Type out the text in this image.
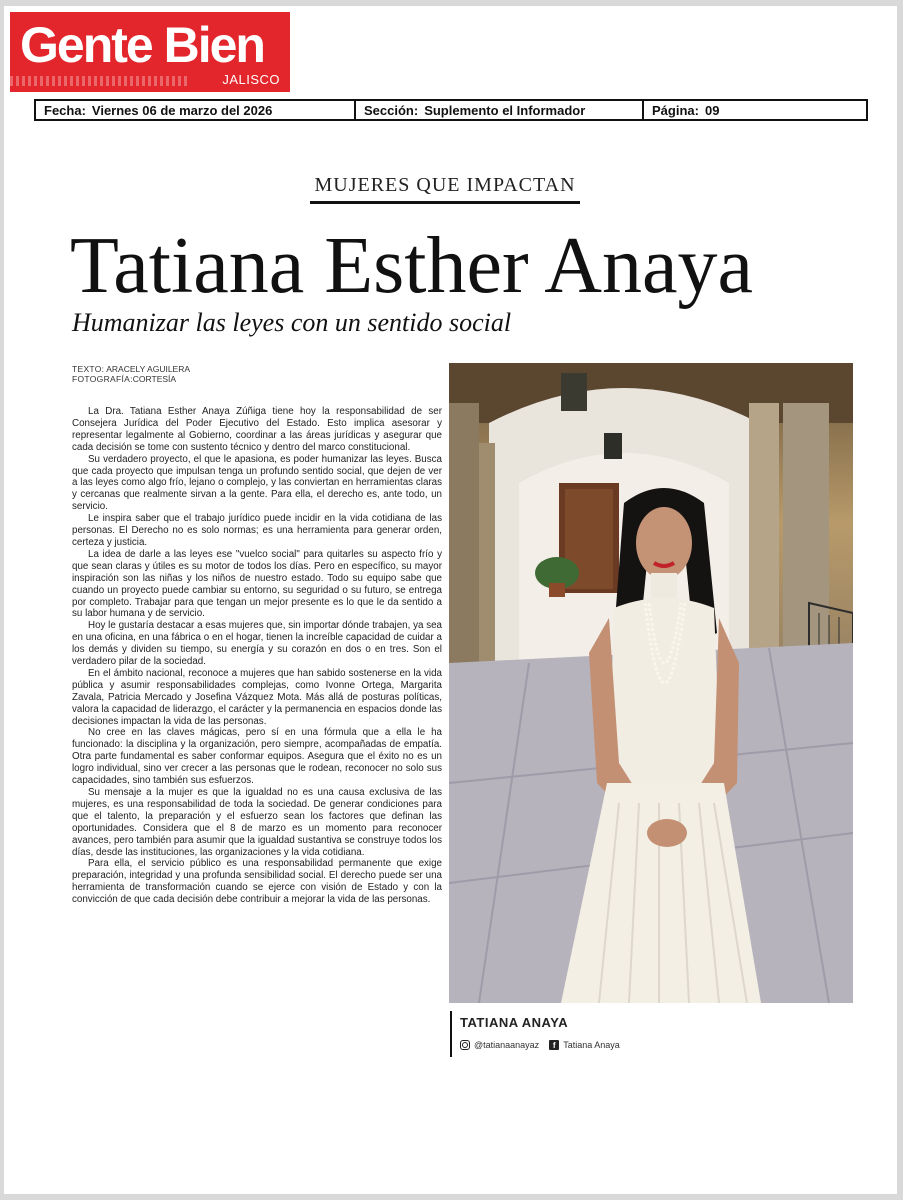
Gente Bien
JALISCO
Fecha: Viernes 06 de marzo del 2026	Sección: Suplemento el Informador	Página: 09
MUJERES QUE IMPACTAN
Tatiana Esther Anaya
Humanizar las leyes con un sentido social
TEXTO: ARACELY AGUILERA
FOTOGRAFÍA:CORTESÍA

La Dra. Tatiana Esther Anaya Zúñiga tiene hoy la responsabilidad de ser Consejera Jurídica del Poder Ejecutivo del Estado. Esto implica asesorar y representar legalmente al Gobierno, coordinar a las áreas jurídicas y asegurar que cada decisión se tome con sustento técnico y dentro del marco constitucional.

Su verdadero proyecto, el que le apasiona, es poder humanizar las leyes. Busca que cada proyecto que impulsan tenga un profundo sentido social, que dejen de ver a las leyes como algo frío, lejano o complejo, y las conviertan en herramientas claras y cercanas que realmente sirvan a la gente. Para ella, el derecho es, ante todo, un servicio.

Le inspira saber que el trabajo jurídico puede incidir en la vida cotidiana de las personas. El Derecho no es solo normas; es una herramienta para generar orden, certeza y justicia.

La idea de darle a las leyes ese "vuelco social" para quitarles su aspecto frío y que sean claras y útiles es su motor de todos los días. Pero en específico, su mayor inspiración son las niñas y los niños de nuestro estado. Todo su equipo sabe que cuando un proyecto puede cambiar su entorno, su seguridad o su futuro, se entrega por completo. Trabajar para que tengan un mejor presente es lo que le da sentido a su labor humana y de servicio.

Hoy le gustaría destacar a esas mujeres que, sin importar dónde trabajen, ya sea en una oficina, en una fábrica o en el hogar, tienen la increíble capacidad de cuidar a los demás y dividen su tiempo, su energía y su corazón en dos o en tres. Son el verdadero pilar de la sociedad.

En el ámbito nacional, reconoce a mujeres que han sabido sostenerse en la vida pública y asumir responsabilidades complejas, como Ivonne Ortega, Margarita Zavala, Patricia Mercado y Josefina Vázquez Mota. Más allá de posturas políticas, valora la capacidad de liderazgo, el carácter y la permanencia en espacios donde las decisiones impactan la vida de las personas.

No cree en las claves mágicas, pero sí en una fórmula que a ella le ha funcionado: la disciplina y la organización, pero siempre, acompañadas de empatía. Otra parte fundamental es saber conformar equipos. Asegura que el éxito no es un logro individual, sino ver crecer a las personas que le rodean, reconocer no solo sus capacidades, sino también sus esfuerzos.

Su mensaje a la mujer es que la igualdad no es una causa exclusiva de las mujeres, es una responsabilidad de toda la sociedad. De generar condiciones para que el talento, la preparación y el esfuerzo sean los factores que definan las oportunidades. Considera que el 8 de marzo es un momento para reconocer avances, pero también para asumir que la igualdad sustantiva se construye todos los días, desde las instituciones, las organizaciones y la vida cotidiana.

Para ella, el servicio público es una responsabilidad permanente que exige preparación, integridad y una profunda sensibilidad social. El derecho puede ser una herramienta de transformación cuando se ejerce con visión de Estado y con la convicción de que cada decisión debe contribuir a mejorar la vida de las personas.

TATIANA ANAYA
@tatianaanayaz	f Tatiana Anaya
